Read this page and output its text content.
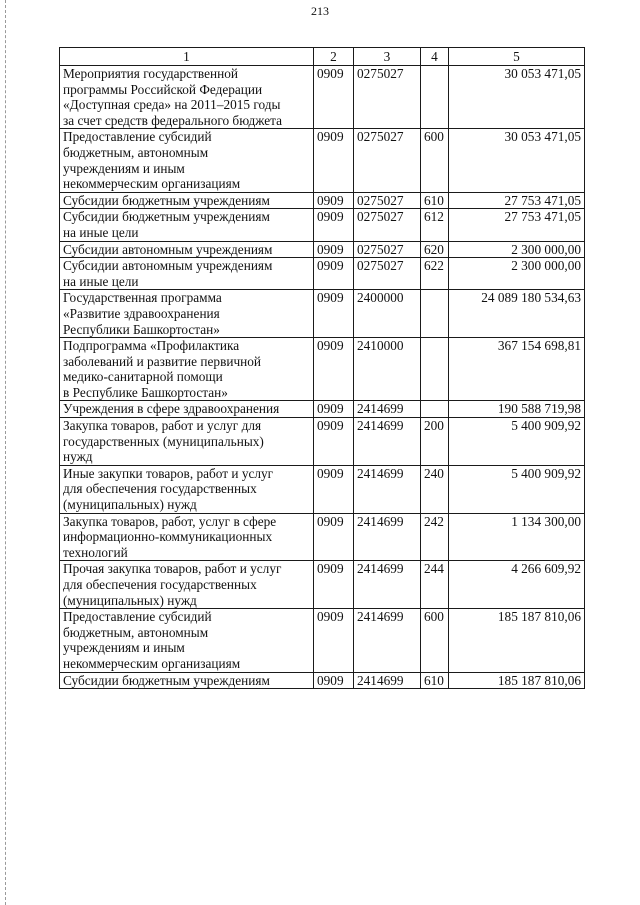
213
1	2	3	4	5
Мероприятия государственной
программы Российской Федерации
«Доступная среда» на 2011–2015 годы
за счет средств федерального бюджета	0909	0275027		30 053 471,05
Предоставление субсидий
бюджетным, автономным
учреждениям и иным
некоммерческим организациям	0909	0275027	600	30 053 471,05
Субсидии бюджетным учреждениям	0909	0275027	610	27 753 471,05
Субсидии бюджетным учреждениям
на иные цели	0909	0275027	612	27 753 471,05
Субсидии автономным учреждениям	0909	0275027	620	2 300 000,00
Субсидии автономным учреждениям
на иные цели	0909	0275027	622	2 300 000,00
Государственная программа
«Развитие здравоохранения
Республики Башкортостан»	0909	2400000		24 089 180 534,63
Подпрограмма «Профилактика
заболеваний и развитие первичной
медико-санитарной помощи
в Республике Башкортостан»	0909	2410000		367 154 698,81
Учреждения в сфере здравоохранения	0909	2414699		190 588 719,98
Закупка товаров, работ и услуг для
государственных (муниципальных)
нужд	0909	2414699	200	5 400 909,92
Иные закупки товаров, работ и услуг
для обеспечения государственных
(муниципальных) нужд	0909	2414699	240	5 400 909,92
Закупка товаров, работ, услуг в сфере
информационно-коммуникационных
технологий	0909	2414699	242	1 134 300,00
Прочая закупка товаров, работ и услуг
для обеспечения государственных
(муниципальных) нужд	0909	2414699	244	4 266 609,92
Предоставление субсидий
бюджетным, автономным
учреждениям и иным
некоммерческим организациям	0909	2414699	600	185 187 810,06
Субсидии бюджетным учреждениям	0909	2414699	610	185 187 810,06
